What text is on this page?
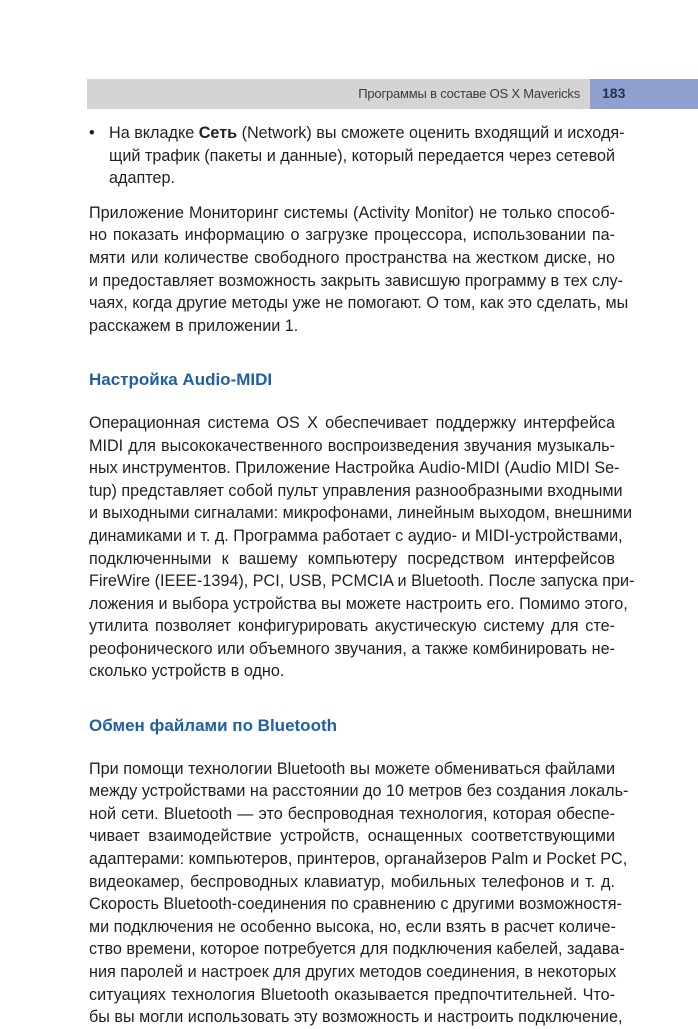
Программы в составе OS X Mavericks 183
• На вкладке Сеть (Network) вы сможете оценить входящий и исходя-
щий трафик (пакеты и данные), который передается через сетевой
адаптер.
Приложение Мониторинг системы (Activity Monitor) не только способ-
но показать информацию о загрузке процессора, использовании па-
мяти или количестве свободного пространства на жестком диске, но
и предоставляет возможность закрыть зависшую программу в тех слу-
чаях, когда другие методы уже не помогают. О том, как это сделать, мы
расскажем в приложении 1.
Настройка Audio-MIDI
Операционная система OS X обеспечивает поддержку интерфейса
MIDI для высококачественного воспроизведения звучания музыкаль-
ных инструментов. Приложение Настройка Audio-MIDI (Audio MIDI Se-
tup) представляет собой пульт управления разнообразными входными
и выходными сигналами: микрофонами, линейным выходом, внешними
динамиками и т. д. Программа работает с аудио- и MIDI-устройствами,
подключенными к вашему компьютеру посредством интерфейсов
FireWire (IEEE-1394), PCI, USB, PCMCIA и Bluetooth. После запуска при-
ложения и выбора устройства вы можете настроить его. Помимо этого,
утилита позволяет конфигурировать акустическую систему для сте-
реофонического или объемного звучания, а также комбинировать не-
сколько устройств в одно.
Обмен файлами по Bluetooth
При помощи технологии Bluetooth вы можете обмениваться файлами
между устройствами на расстоянии до 10 метров без создания локаль-
ной сети. Bluetooth — это беспроводная технология, которая обеспе-
чивает взаимодействие устройств, оснащенных соответствующими
адаптерами: компьютеров, принтеров, органайзеров Palm и Pocket PC,
видеокамер, беспроводных клавиатур, мобильных телефонов и т. д.
Скорость Bluetooth-соединения по сравнению с другими возможностя-
ми подключения не особенно высока, но, если взять в расчет количе-
ство времени, которое потребуется для подключения кабелей, задава-
ния паролей и настроек для других методов соединения, в некоторых
ситуациях технология Bluetooth оказывается предпочтительней. Что-
бы вы могли использовать эту возможность и настроить подключение,
